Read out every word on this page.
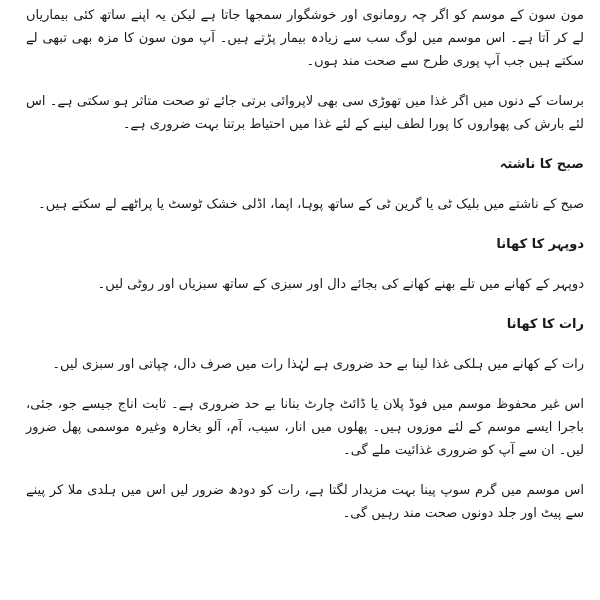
مون سون کے موسم کو اگر چہ رومانوی اور خوشگوار سمجھا جاتا ہے لیکن یہ اپنے ساتھ کئی بیماریاں لے کر آتا ہے۔ اس موسم میں لوگ سب سے زیادہ بیمار پڑتے ہیں۔ آپ مون سون کا مزہ بھی تبھی لے سکتے ہیں جب آپ پوری طرح سے صحت مند ہوں۔

برسات کے دنوں میں اگر غذا میں تھوڑی سی بھی لاپروائی برتی جائے تو صحت متاثر ہو سکتی ہے۔ اس لئے بارش کی پھواروں کا پورا لطف لینے کے لئے غذا میں احتیاط برتنا بہت ضروری ہے۔

صبح کا ناشتہ

صبح کے ناشتے میں بلیک ٹی یا گرین ٹی کے ساتھ پوہا، اپما، اڈلی خشک ٹوسٹ یا پراٹھے لے سکتے ہیں۔

دوپہر کا کھانا

دوپہر کے کھانے میں تلے بھنے کھانے کی بجائے دال اور سبزی کے ساتھ سبزیاں اور روٹی لیں۔

رات کا کھانا

رات کے کھانے میں ہلکی غذا لینا بے حد ضروری ہے لہٰذا رات میں صرف دال، چپاتی اور سبزی لیں۔

اس غیر محفوظ موسم میں فوڈ پلان یا ڈائٹ چارٹ بنانا بے حد ضروری ہے۔ ثابت اناج جیسے جو، جئی، باجرا ایسے موسم کے لئے موزوں ہیں۔ پھلوں میں انار، سیب، آم، آلو بخارہ وغیرہ موسمی پھل ضرور لیں۔ ان سے آپ کو ضروری غذائیت ملے گی۔

اس موسم میں گرم سوپ پینا بہت مزیدار لگتا ہے، رات کو دودھ ضرور لیں اس میں ہلدی ملا کر پینے سے پیٹ اور جلد دونوں صحت مند رہیں گی۔
